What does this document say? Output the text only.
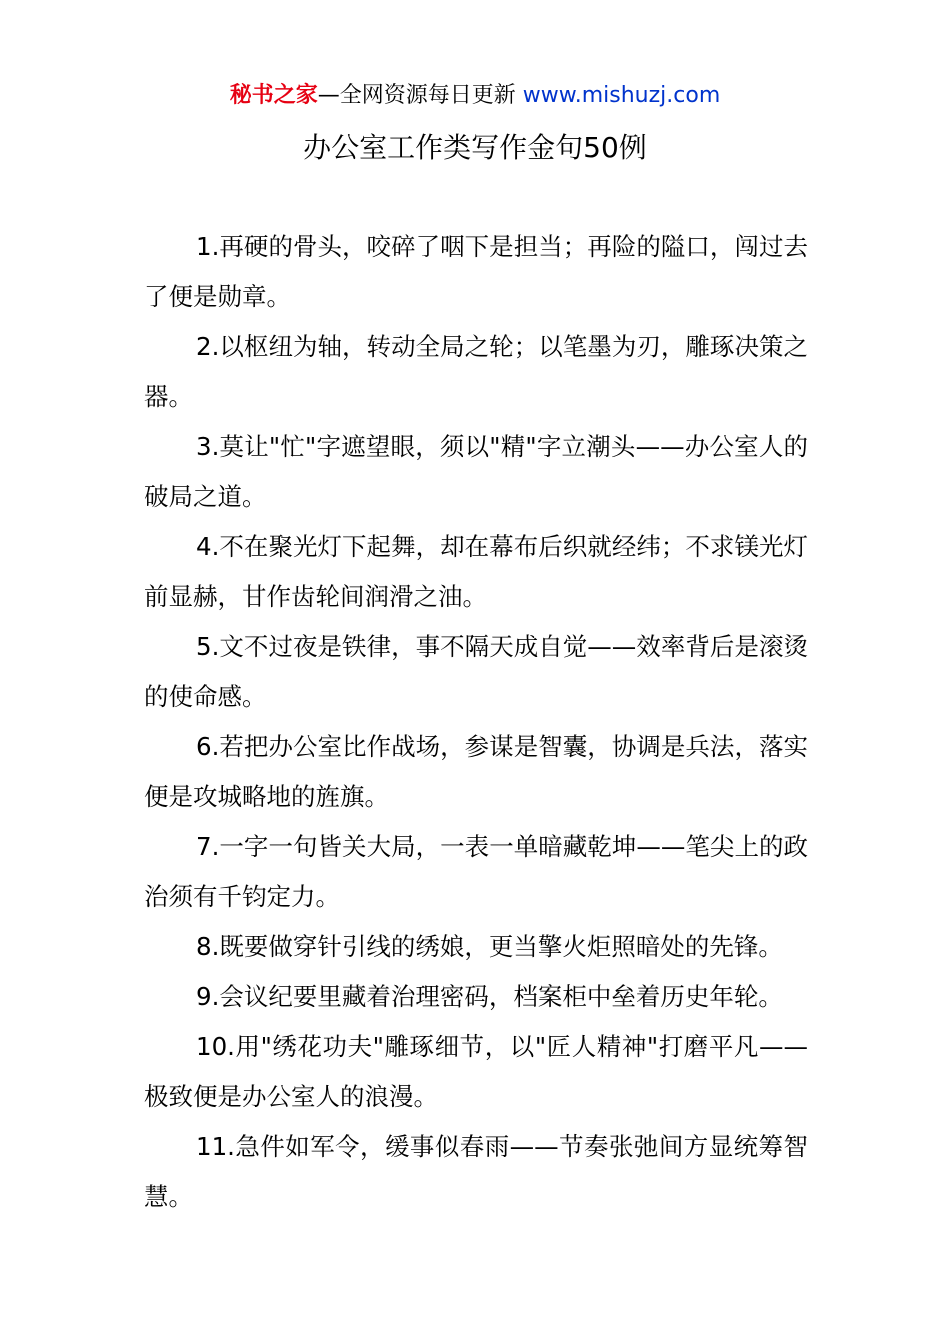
秘书之家—全网资源每日更新 www.mishuzj.com
办公室工作类写作金句50例
1.再硬的骨头，咬碎了咽下是担当；再险的隘口，闯过去了便是勋章。
2.以枢纽为轴，转动全局之轮；以笔墨为刃，雕琢决策之器。
3.莫让"忙"字遮望眼，须以"精"字立潮头——办公室人的破局之道。
4.不在聚光灯下起舞，却在幕布后织就经纬；不求镁光灯前显赫，甘作齿轮间润滑之油。
5.文不过夜是铁律，事不隔天成自觉——效率背后是滚烫的使命感。
6.若把办公室比作战场，参谋是智囊，协调是兵法，落实便是攻城略地的旌旗。
7.一字一句皆关大局，一表一单暗藏乾坤——笔尖上的政治须有千钧定力。
8.既要做穿针引线的绣娘，更当擎火炬照暗处的先锋。
9.会议纪要里藏着治理密码，档案柜中垒着历史年轮。
10.用"绣花功夫"雕琢细节，以"匠人精神"打磨平凡——极致便是办公室人的浪漫。
11.急件如军令，缓事似春雨——节奏张弛间方显统筹智慧。
